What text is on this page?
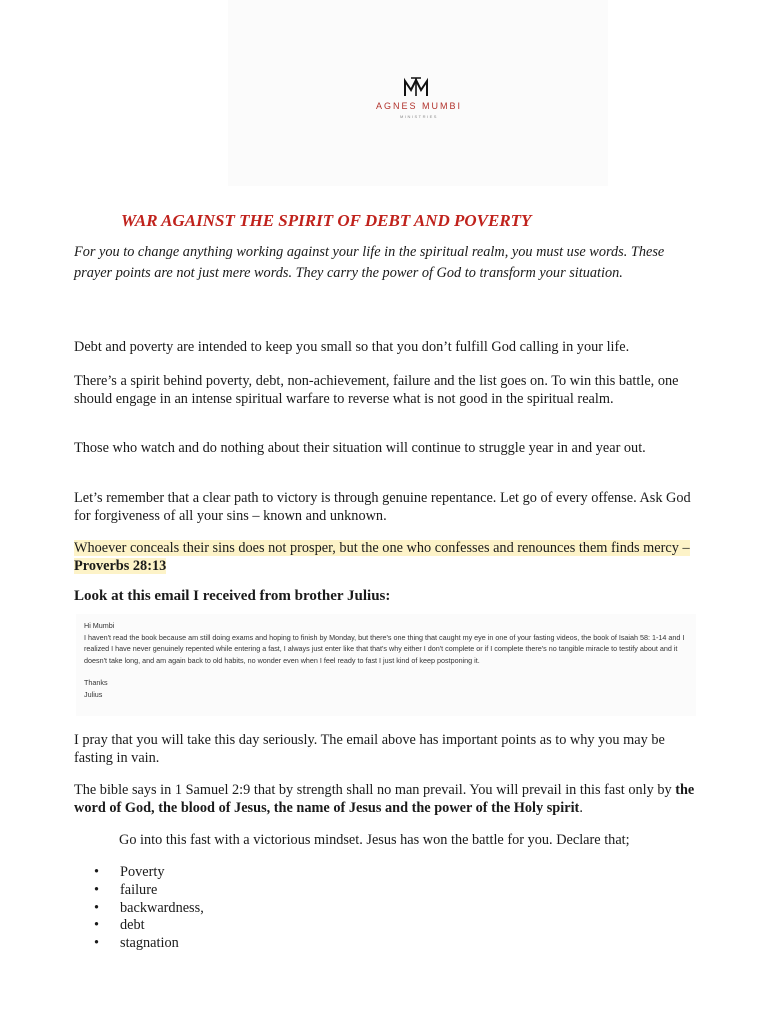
AGNES MUMBI
MINISTRIES
WAR AGAINST THE SPIRIT OF DEBT AND POVERTY
For you to change anything working against your life in the spiritual realm, you must use words. These prayer points are not just mere words. They carry the power of God to transform your situation.
Debt and poverty are intended to keep you small so that you don’t fulfill God calling in your life.
There’s a spirit behind poverty, debt, non-achievement, failure and the list goes on. To win this battle, one should engage in an intense spiritual warfare to reverse what is not good in the spiritual realm.
Those who watch and do nothing about their situation will continue to struggle year in and year out.
Let’s remember that a clear path to victory is through genuine repentance. Let go of every offense. Ask God for forgiveness of all your sins – known and unknown.
Whoever conceals their sins does not prosper, but the one who confesses and renounces them finds mercy – Proverbs 28:13
Look at this email I received from brother Julius:

Hi Mumbi

I haven't read the book because am still doing exams and hoping to finish by Monday, but there's one thing that caught my eye in one of your fasting videos, the book of Isaiah 58: 1-14 and I realized I have never genuinely repented while entering a fast, I always just enter like that that's why either I don't complete or if I complete there's no tangible miracle to testify about and it doesn't take long, and am again back to old habits, no wonder even when I feel ready to fast I just kind of keep postponing it.

Thanks

Julius

I pray that you will take this day seriously. The email above has important points as to why you may be fasting in vain.
The bible says in 1 Samuel 2:9 that by strength shall no man prevail. You will prevail in this fast only by the word of God, the blood of Jesus, the name of Jesus and the power of the Holy spirit.
Go into this fast with a victorious mindset. Jesus has won the battle for you. Declare that;
• Poverty
• failure
• backwardness,
• debt
• stagnation
